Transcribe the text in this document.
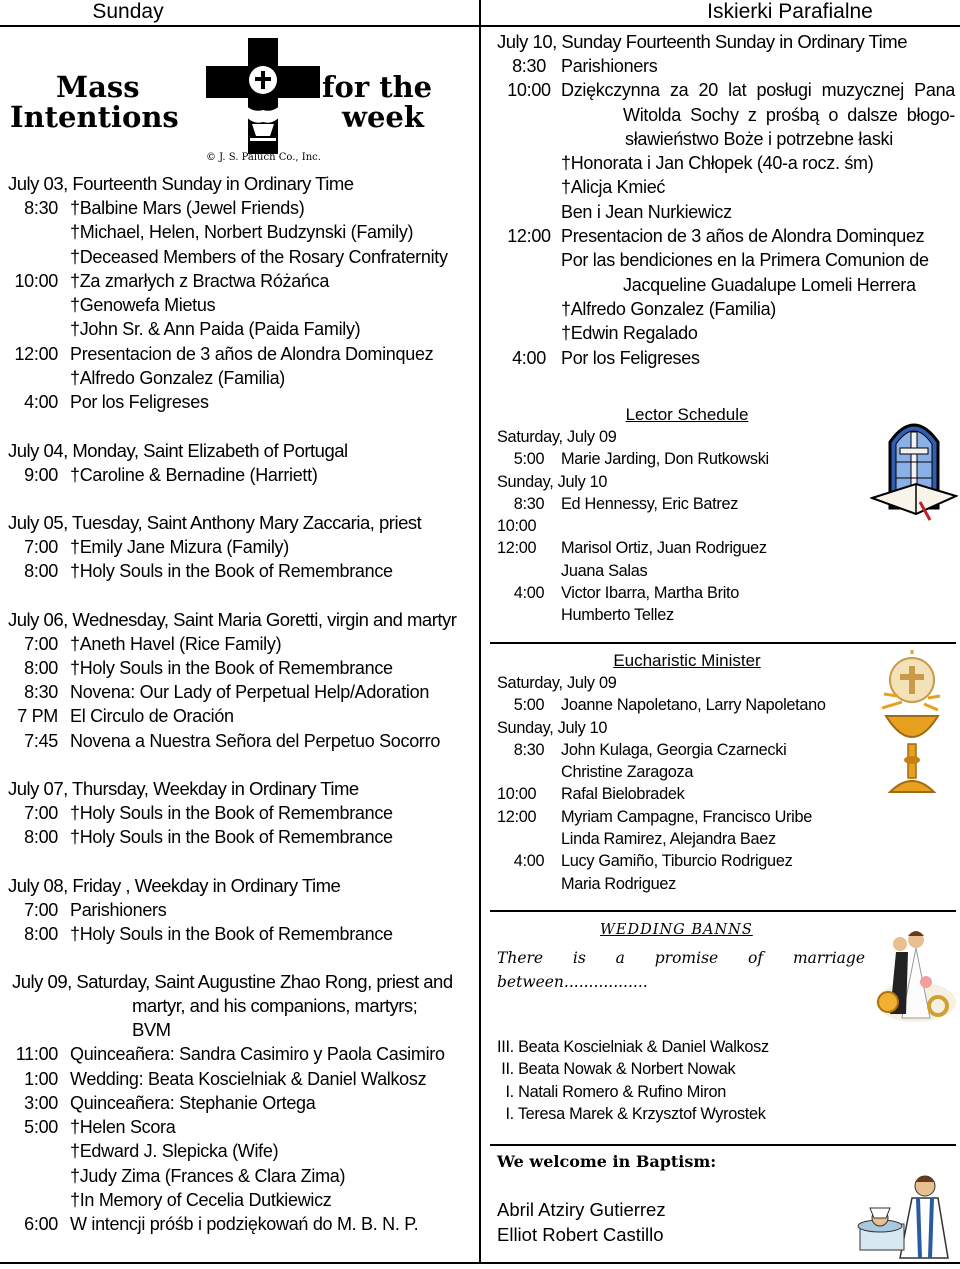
Sunday	Iskierki Parafialne
Mass
Intentions
for the
week
© J. S. Paluch Co., Inc.
July 03, Fourteenth Sunday in Ordinary Time
8:30 †Balbine Mars (Jewel Friends)
†Michael, Helen, Norbert Budzynski (Family)
†Deceased Members of the Rosary Confraternity
10:00 †Za zmarłych z Bractwa Różańca
†Genowefa Mietus
†John Sr. & Ann Paida (Paida Family)
12:00 Presentacion de 3 años de Alondra Dominquez
†Alfredo Gonzalez (Familia)
4:00 Por los Feligreses
July 04, Monday, Saint Elizabeth of Portugal
9:00 †Caroline & Bernadine (Harriett)
July 05, Tuesday, Saint Anthony Mary Zaccaria, priest
7:00 †Emily Jane Mizura (Family)
8:00 †Holy Souls in the Book of Remembrance
July 06, Wednesday, Saint Maria Goretti, virgin and martyr
7:00 †Aneth Havel (Rice Family)
8:00 †Holy Souls in the Book of Remembrance
8:30 Novena: Our Lady of Perpetual Help/Adoration
7 PM El Circulo de Oración
7:45 Novena a Nuestra Señora del Perpetuo Socorro
July 07, Thursday, Weekday in Ordinary Time
7:00 †Holy Souls in the Book of Remembrance
8:00 †Holy Souls in the Book of Remembrance
July 08, Friday , Weekday in Ordinary Time
7:00 Parishioners
8:00 †Holy Souls in the Book of Remembrance
July 09, Saturday, Saint Augustine Zhao Rong, priest and
martyr, and his companions, martyrs;
BVM
11:00 Quinceañera: Sandra Casimiro y Paola Casimiro
1:00 Wedding: Beata Koscielniak & Daniel Walkosz
3:00 Quinceañera: Stephanie Ortega
5:00 †Helen Scora
†Edward J. Slepicka (Wife)
†Judy Zima (Frances & Clara Zima)
†In Memory of Cecelia Dutkiewicz
6:00 W intencji próśb i podziękowań do M. B. N. P.
July 10, Sunday Fourteenth Sunday in Ordinary Time
8:30 Parishioners
10:00 Dziękczynna za 20 lat posługi muzycznej Pana
Witolda Sochy z prośbą o dalsze błogo-
sławieństwo Boże i potrzebne łaski
†Honorata i Jan Chłopek (40-a rocz. śm)
†Alicja Kmieć
Ben i Jean Nurkiewicz
12:00 Presentacion de 3 años de Alondra Dominquez
Por las bendiciones en la Primera Comunion de
Jacqueline Guadalupe Lomeli Herrera
†Alfredo Gonzalez (Familia)
†Edwin Regalado
4:00 Por los Feligreses
Lector Schedule
Saturday, July 09
5:00	Marie Jarding, Don Rutkowski
Sunday, July 10
8:30	Ed Hennessy, Eric Batrez
10:00
12:00	Marisol Ortiz, Juan Rodriguez
Juana Salas
4:00	Victor Ibarra, Martha Brito
Humberto Tellez
Eucharistic Minister
Saturday, July 09
5:00	Joanne Napoletano, Larry Napoletano
Sunday, July 10
8:30	John Kulaga, Georgia Czarnecki
Christine Zaragoza
10:00	Rafal Bielobradek
12:00	Myriam Campagne, Francisco Uribe
Linda Ramirez, Alejandra Baez
4:00	Lucy Gamiño, Tiburcio Rodriguez
Maria Rodriguez
WEDDING BANNS
There is a promise of marriage between.................
III. Beata Koscielniak & Daniel Walkosz
II. Beata Nowak & Norbert Nowak
I. Natali Romero & Rufino Miron
I. Teresa Marek & Krzysztof Wyrostek
We welcome in Baptism:
Abril Atziry Gutierrez
Elliot Robert Castillo
